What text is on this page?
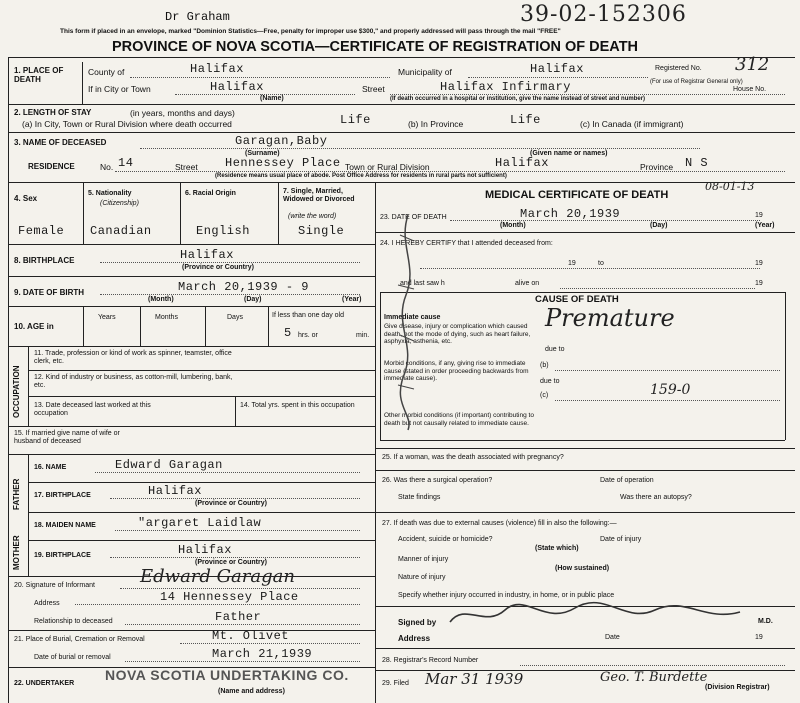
Dr Graham	39-02-152306
This form if placed in an envelope, marked "Dominion Statistics—Free, penalty for improper use $300," and properly addressed will pass through the mail "FREE"
PROVINCE OF NOVA SCOTIA—CERTIFICATE OF REGISTRATION OF DEATH
Registered No. 312
(For use of Registrar General only)
House No.
1. PLACE OF DEATH
County of	Halifax	Municipality of	Halifax
If in City or Town	Halifax
(Name)
Street	Halifax Infirmary
(If death occurred in a hospital or institution, give the name instead of street and number)
2. LENGTH OF STAY	(in years, months and days)
(a) In City, Town or Rural Division where death occurred	Life	(b) In Province	Life	(c) In Canada (if immigrant)
3. NAME OF DECEASED	Garagan,Baby
(Surname)	(Given name or names)
RESIDENCE	No. 14	Street Hennessey Place Town or Rural Division	Halifax	Province N S
(Residence means usual place of abode. Post Office Address for residents in rural parts not sufficient)
4. Sex
Female
5. Nationality
(Citizenship)
Canadian
6. Racial Origin
English
7. Single, Married, Widowed or Divorced
(write the word)
Single
8. BIRTHPLACE	Halifax
(Province or Country)
9. DATE OF BIRTH	March 20,1939 - 9
(Month)	(Day)	(Year)
10. AGE in
Years	Months	Days	If less than one day old
5 hrs. or	min.
OCCUPATION
11. Trade, profession or kind of work as spinner, teamster, office clerk, etc.
12. Kind of industry or business, as cotton-mill, lumbering, bank, etc.
13. Date deceased last worked at this occupation
14. Total yrs. spent in this occupation
15. If married give name of wife or husband of deceased
FATHER
MOTHER
16. NAME	Edward Garagan
17. BIRTHPLACE	Halifax
(Province or Country)
18. MAIDEN NAME	"argaret Laidlaw
19. BIRTHPLACE	Halifax
(Province or Country)
20. Signature of Informant	Edward Garagan
Address	14 Hennessey Place
Relationship to deceased	Father
21. Place of Burial, Cremation or Removal	Mt. Olivet
Date of burial or removal	March 21,1939
22. UNDERTAKER
NOVA SCOTIA UNDERTAKING CO.
(Name and address)
MEDICAL CERTIFICATE OF DEATH
08-01-13
23. DATE OF DEATH	March 20,1939	19
(Month)	(Day)	(Year)
24. I HEREBY CERTIFY that I attended deceased from:
19	to	19
and last saw h	alive on	19
CAUSE OF DEATH
Immediate cause
Give disease, injury or complication which caused death, not the mode of dying, such as heart failure, asphyxia, asthenia, etc.
Premature
due to
Morbid conditions, if any, giving rise to immediate cause (stated in order proceeding backwards from immediate cause).
(b)
due to
(c)	159-0
Other morbid conditions (if important) contributing to death but not causally related to immediate cause.
25. If a woman, was the death associated with pregnancy?
26. Was there a surgical operation?	Date of operation
State findings	Was there an autopsy?
27. If death was due to external causes (violence) fill in also the following:—
Accident, suicide or homicide?
(State which)
Date of injury
Manner of injury
(How sustained)
Nature of injury
Specify whether injury occurred in industry, in home, or in public place
Signed by	M.D.
Address	Date	19
28. Registrar's Record Number
29. Filed Mar 31 1939	Geo. T. Burdette
(Division Registrar)
